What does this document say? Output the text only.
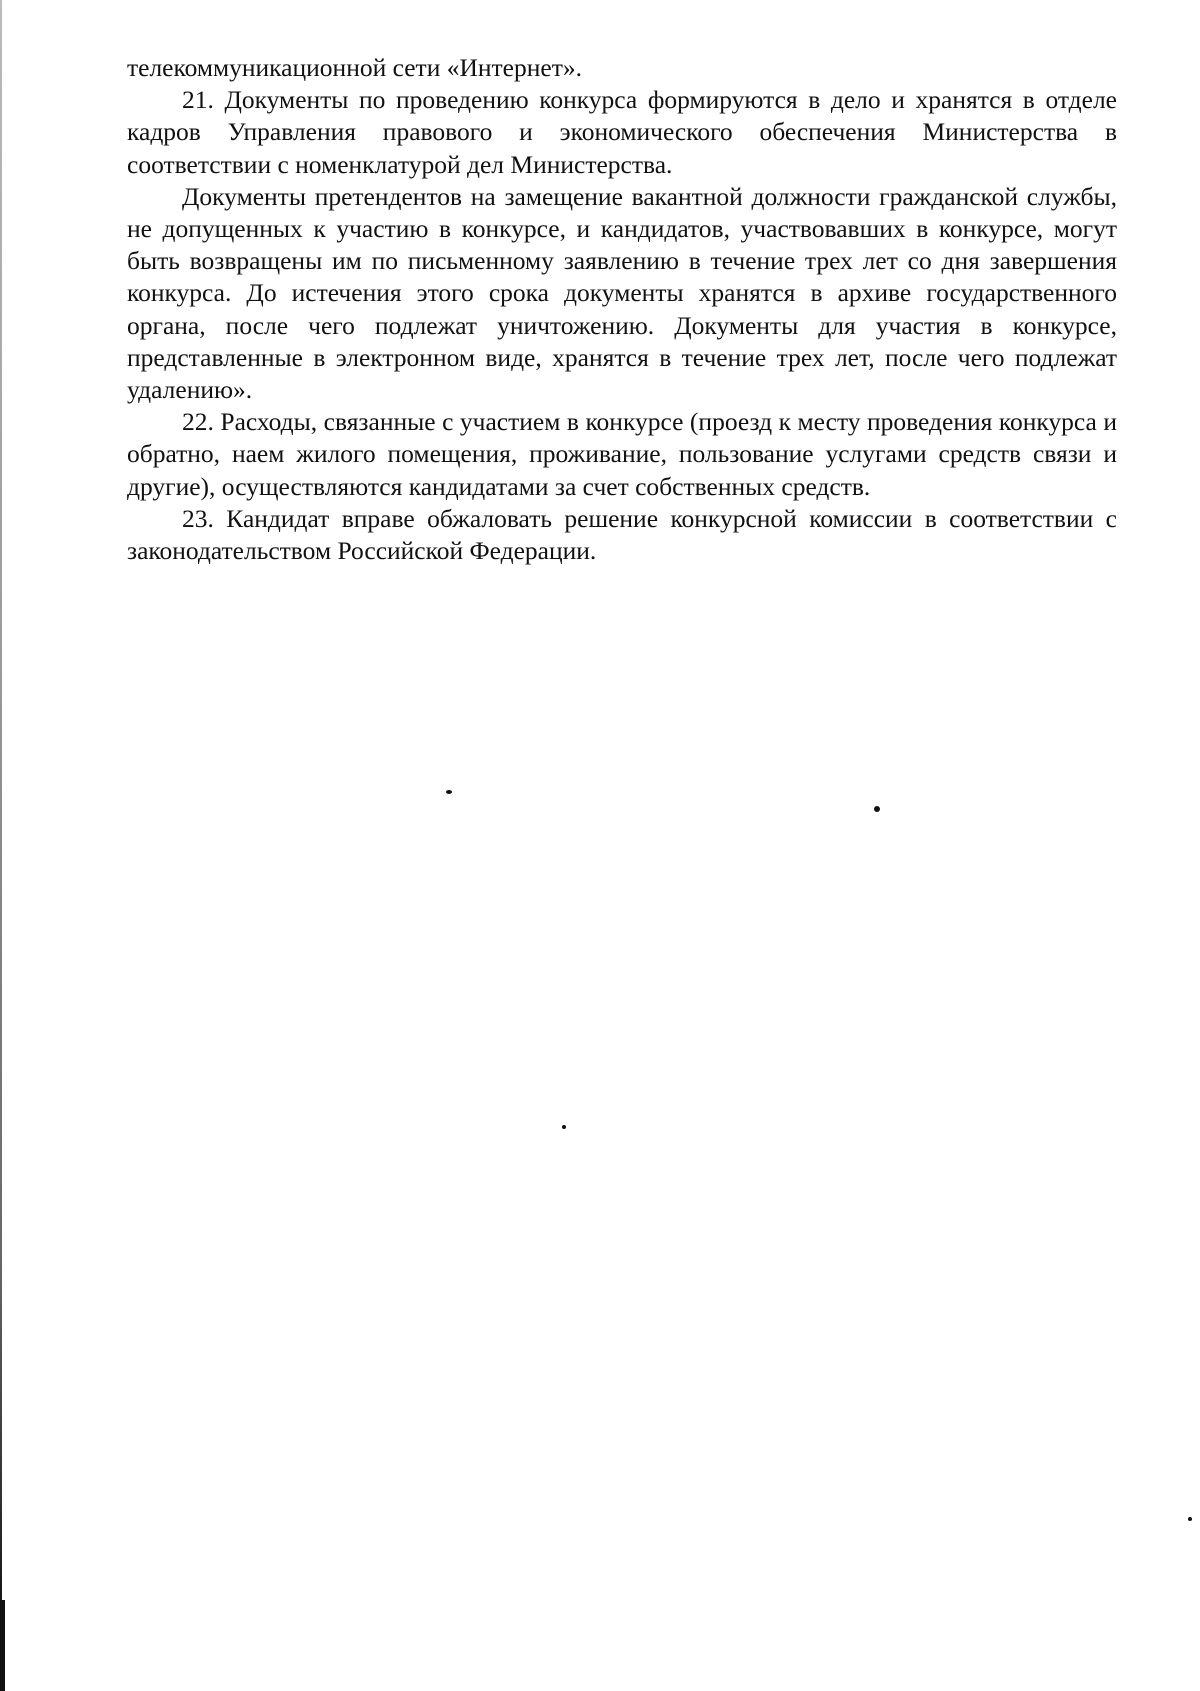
телекоммуникационной сети «Интернет».

21. Документы по проведению конкурса формируются в дело и хранятся в отделе кадров Управления правового и экономического обеспечения Министерства в соответствии с номенклатурой дел Министерства.

Документы претендентов на замещение вакантной должности гражданской службы, не допущенных к участию в конкурсе, и кандидатов, участвовавших в конкурсе, могут быть возвращены им по письменному заявлению в течение трех лет со дня завершения конкурса. До истечения этого срока документы хранятся в архиве государственного органа, после чего подлежат уничтожению. Документы для участия в конкурсе, представленные в электронном виде, хранятся в течение трех лет, после чего подлежат удалению».

22. Расходы, связанные с участием в конкурсе (проезд к месту проведения конкурса и обратно, наем жилого помещения, проживание, пользование услугами средств связи и другие), осуществляются кандидатами за счет собственных средств.

23. Кандидат вправе обжаловать решение конкурсной комиссии в соответствии с законодательством Российской Федерации.
